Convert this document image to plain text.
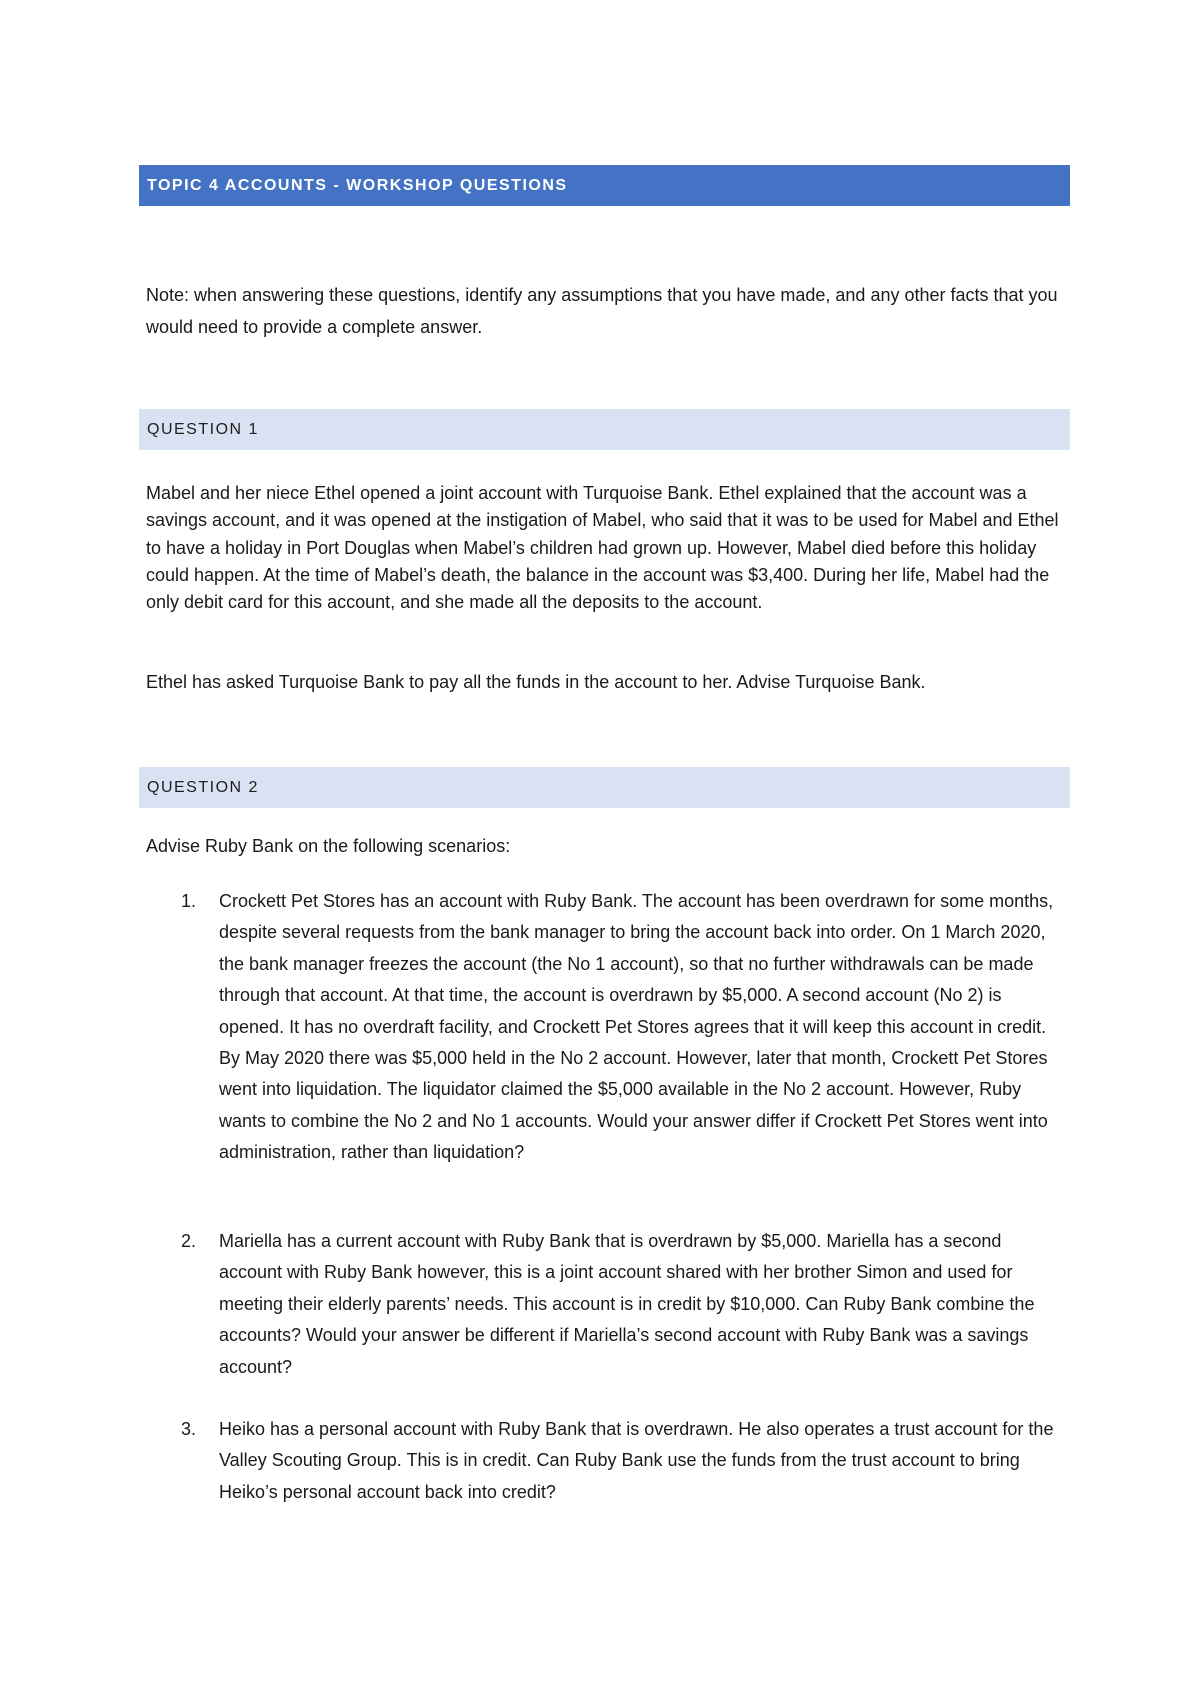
TOPIC 4 ACCOUNTS - WORKSHOP QUESTIONS

Note: when answering these questions, identify any assumptions that you have made, and any other facts that you would need to provide a complete answer.

QUESTION 1

Mabel and her niece Ethel opened a joint account with Turquoise Bank. Ethel explained that the account was a savings account, and it was opened at the instigation of Mabel, who said that it was to be used for Mabel and Ethel to have a holiday in Port Douglas when Mabel’s children had grown up. However, Mabel died before this holiday could happen. At the time of Mabel’s death, the balance in the account was $3,400. During her life, Mabel had the only debit card for this account, and she made all the deposits to the account.

Ethel has asked Turquoise Bank to pay all the funds in the account to her. Advise Turquoise Bank.

QUESTION 2

Advise Ruby Bank on the following scenarios:

1. Crockett Pet Stores has an account with Ruby Bank. The account has been overdrawn for some months, despite several requests from the bank manager to bring the account back into order. On 1 March 2020, the bank manager freezes the account (the No 1 account), so that no further withdrawals can be made through that account. At that time, the account is overdrawn by $5,000. A second account (No 2) is opened. It has no overdraft facility, and Crockett Pet Stores agrees that it will keep this account in credit. By May 2020 there was $5,000 held in the No 2 account. However, later that month, Crockett Pet Stores went into liquidation. The liquidator claimed the $5,000 available in the No 2 account. However, Ruby wants to combine the No 2 and No 1 accounts. Would your answer differ if Crockett Pet Stores went into administration, rather than liquidation?
2. Mariella has a current account with Ruby Bank that is overdrawn by $5,000. Mariella has a second account with Ruby Bank however, this is a joint account shared with her brother Simon and used for meeting their elderly parents’ needs. This account is in credit by $10,000. Can Ruby Bank combine the accounts? Would your answer be different if Mariella’s second account with Ruby Bank was a savings account?
3. Heiko has a personal account with Ruby Bank that is overdrawn. He also operates a trust account for the Valley Scouting Group. This is in credit. Can Ruby Bank use the funds from the trust account to bring Heiko’s personal account back into credit?
